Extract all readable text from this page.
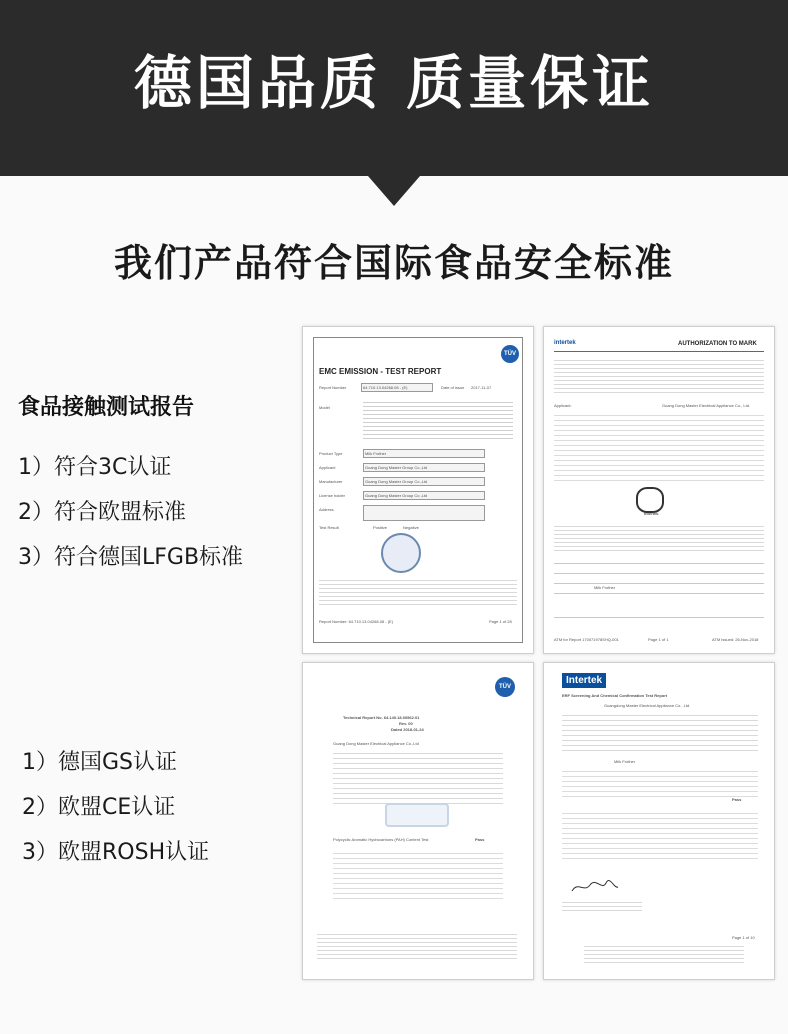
德国品质 质量保证
我们产品符合国际食品安全标准
食品接触测试报告
1）符合3C认证
2）符合欧盟标准
3）符合德国LFGB标准
1）德国GS认证
2）欧盟CE认证
3）欧盟ROSH认证
TÜV
EMC EMISSION - TEST REPORT
Report Number	64.710.13.04268.08 - (E)	Date of issue 2017-11-07
Model
Product Type	Milk Frother
Applicant	Guang Dong Master Group Co.,Ltd
Manufacturer	Guang Dong Master Group Co.,Ltd
License holder	Guang Dong Master Group Co.,Ltd
Address
Test Result	Positive	Negative
Report Number: 64.710.13.04268.08 - (E)	Page 1 of 28
intertek	AUTHORIZATION TO MARK
Applicant:	Guang Dong Master Electrical Appliance Co., Ltd.
Intertek
Milk Frother
ATM for Report 170071978SHQ-001	Page 1 of 1	ATM Issued: 26-Nov-2018
TÜV
Technical Report No. 64.140.18.00562.01
Rev. 00
Dated 2018-01-24
Guang Dong Master Electrical Appliance Co.,Ltd
Polycyclic Aromatic Hydrocarbons (PAH) Content Test	Pass
Intertek
ERF Screening And Chemical Confirmation Test Report
Guangdong Master Electrical Appliance Co., Ltd.
Milk Frother
Pass
Page 1 of 10
